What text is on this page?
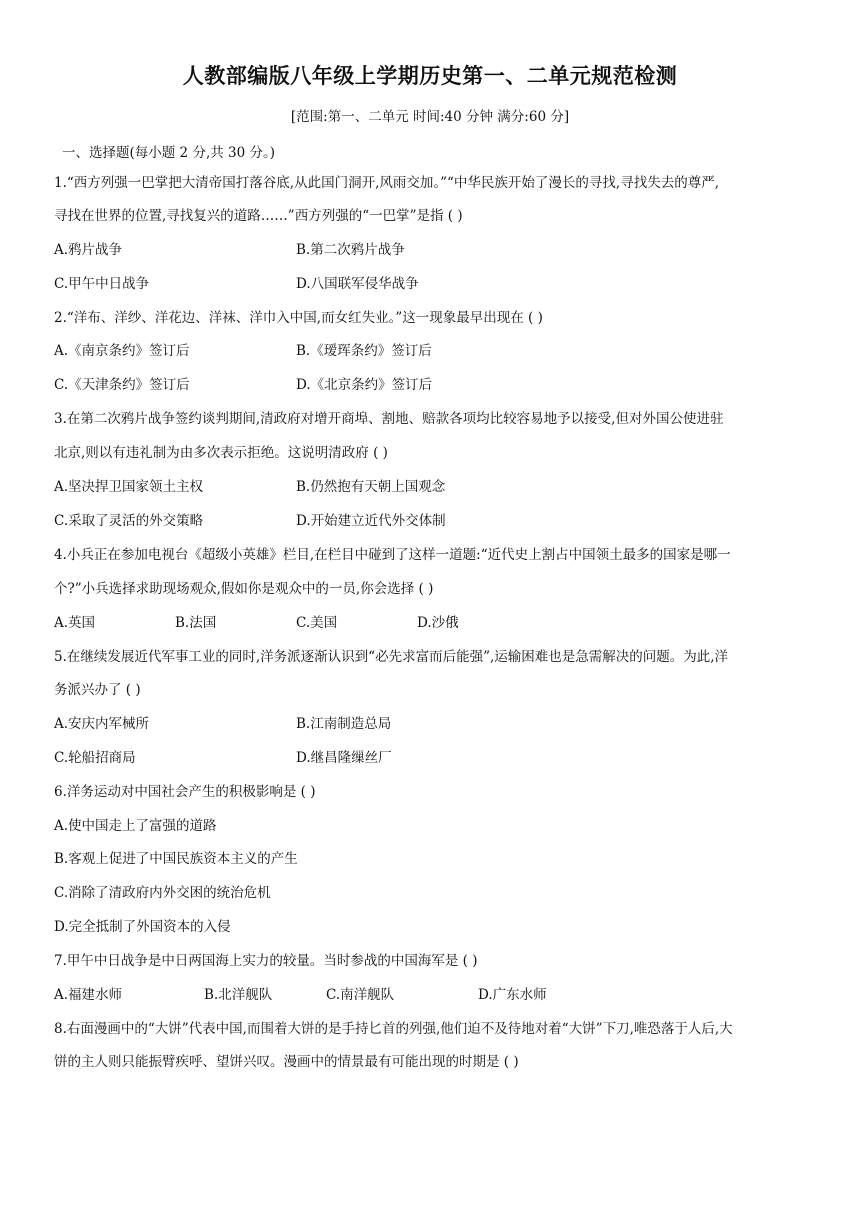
人教部编版八年级上学期历史第一、二单元规范检测
[范围:第一、二单元 时间:40 分钟 满分:60 分]
一、选择题(每小题 2 分,共 30 分。)
1.“西方列强一巴掌把大清帝国打落谷底,从此国门洞开,风雨交加。”“中华民族开始了漫长的寻找,寻找失去的尊严,
寻找在世界的位置,寻找复兴的道路……”西方列强的“一巴掌”是指 ( )
A.鸦片战争	B.第二次鸦片战争
C.甲午中日战争	D.八国联军侵华战争
2.“洋布、洋纱、洋花边、洋袜、洋巾入中国,而女红失业。”这一现象最早出现在 ( )
A.《南京条约》签订后	B.《瑷珲条约》签订后
C.《天津条约》签订后	D.《北京条约》签订后
3.在第二次鸦片战争签约谈判期间,清政府对增开商埠、割地、赔款各项均比较容易地予以接受,但对外国公使进驻
北京,则以有违礼制为由多次表示拒绝。这说明清政府 ( )
A.坚决捍卫国家领土主权	B.仍然抱有天朝上国观念
C.采取了灵活的外交策略	D.开始建立近代外交体制
4.小兵正在参加电视台《超级小英雄》栏目,在栏目中碰到了这样一道题:“近代史上割占中国领土最多的国家是哪一
个?”小兵选择求助现场观众,假如你是观众中的一员,你会选择 ( )
A.英国	B.法国	C.美国	D.沙俄
5.在继续发展近代军事工业的同时,洋务派逐渐认识到“必先求富而后能强”,运输困难也是急需解决的问题。为此,洋
务派兴办了 ( )
A.安庆内军械所	B.江南制造总局
C.轮船招商局	D.继昌隆缫丝厂
6.洋务运动对中国社会产生的积极影响是 ( )
A.使中国走上了富强的道路
B.客观上促进了中国民族资本主义的产生
C.消除了清政府内外交困的统治危机
D.完全抵制了外国资本的入侵
7.甲午中日战争是中日两国海上实力的较量。当时参战的中国海军是 ( )
A.福建水师	B.北洋舰队	C.南洋舰队	D.广东水师
8.右面漫画中的“大饼”代表中国,而围着大饼的是手持匕首的列强,他们迫不及待地对着“大饼”下刀,唯恐落于人后,大
饼的主人则只能振臂疾呼、望饼兴叹。漫画中的情景最有可能出现的时期是 ( )
